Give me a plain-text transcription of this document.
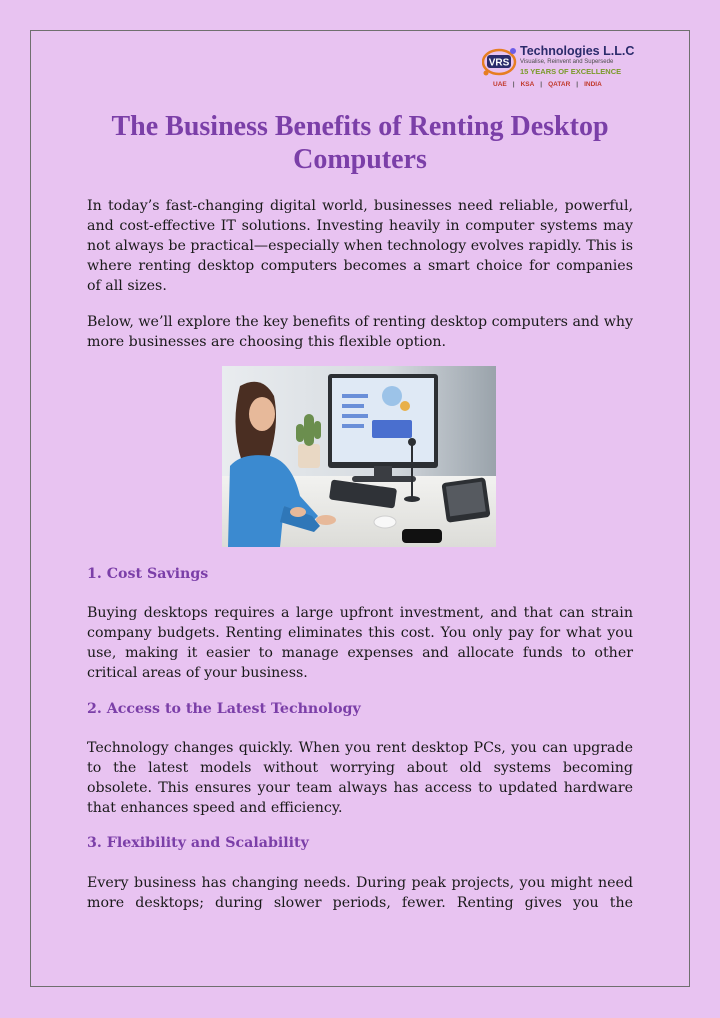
VRS
Technologies L.L.C
Visualise, Reinvent and Supersede
15 YEARS OF EXCELLENCE
UAE | KSA | QATAR | INDIA
The Business Benefits of Renting Desktop Computers

In today’s fast-changing digital world, businesses need reliable, powerful, and cost-effective IT solutions. Investing heavily in computer systems may not always be practical—especially when technology evolves rapidly. This is where renting desktop computers becomes a smart choice for companies of all sizes.

Below, we’ll explore the key benefits of renting desktop computers and why more businesses are choosing this flexible option.

1. Cost Savings

Buying desktops requires a large upfront investment, and that can strain company budgets. Renting eliminates this cost. You only pay for what you use, making it easier to manage expenses and allocate funds to other critical areas of your business.

2. Access to the Latest Technology

Technology changes quickly. When you rent desktop PCs, you can upgrade to the latest models without worrying about old systems becoming obsolete. This ensures your team always has access to updated hardware that enhances speed and efficiency.

3. Flexibility and Scalability

Every business has changing needs. During peak projects, you might need more desktops; during slower periods, fewer. Renting gives you the
